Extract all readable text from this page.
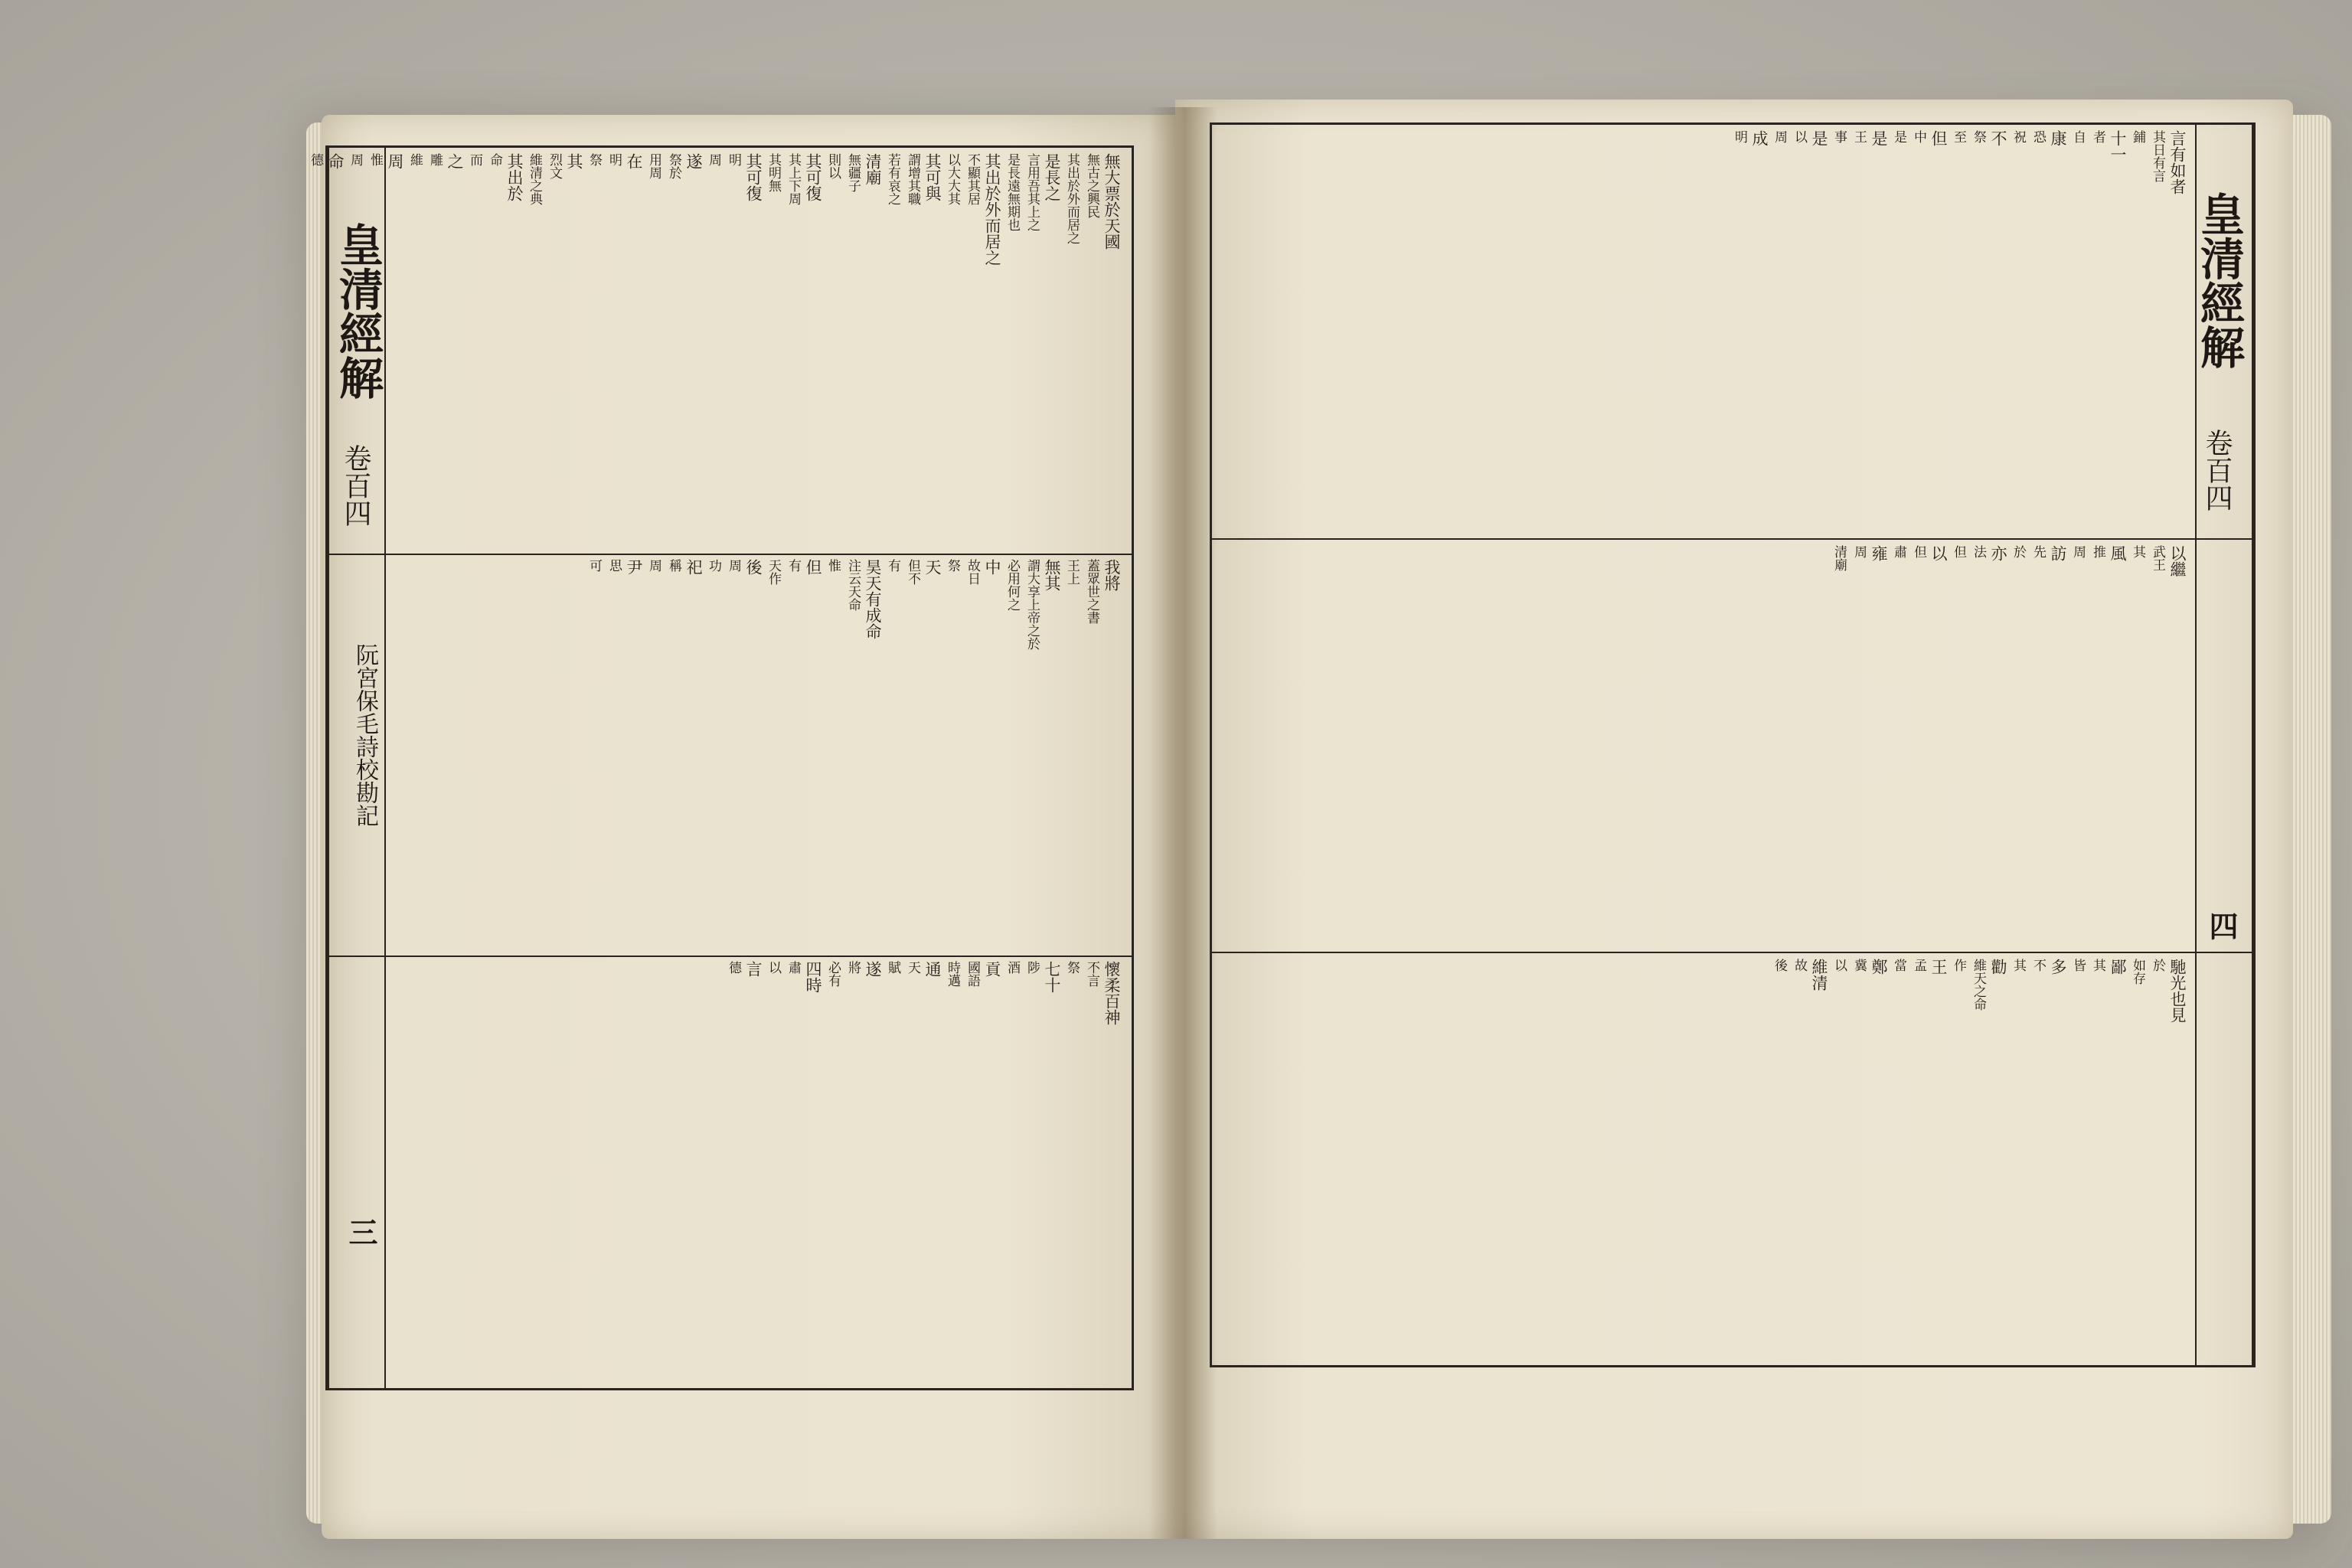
皇清經解
卷百四
阮宮保毛詩校勘記
三
無大票於天國
無古之興民
其出於外而居之
是長之
言用吾其上之
是長遠無期也
其出於外而居之
不顯其居
以大大其
其可與
謂增其職
若有哀之
清廟
無疆子
則以
其可復
其上下周
其明無
其可復
明
周
遂
祭於
用周
在
明
祭
其
烈文
維清之典
其出於
命
而
之
雕
維
周
惟
周
命
德
我將
蓋眾世之書
王上
無其
謂大享上帝之於
必用何之
中
故日
祭
天
但不
有
昊天有成命
注云天命
惟
但
有
天作
後
周
功
祀
稱
周
尹
思
可
懷柔百神
不言
祭
七十
陟
酒
貢
國語
時邁
通
天
賦
遂
將
必有
四時
肅
以
言
德
皇清經解
卷百四
四
言有如者
其日有言
鋪
十一
者
自
康
恐
祝
不
祭
至
但
中
是
是
王
事
是
以
周
成
明
以繼
武王
其
風
推
周
訪
先
於
亦
法
但
以
但
肅
雍
周
清廟
馳光也見
於
如存
鄙
其
皆
多
不
其
勸
維天之命
作
王
孟
當
鄭
冀
以
維清
故
後
